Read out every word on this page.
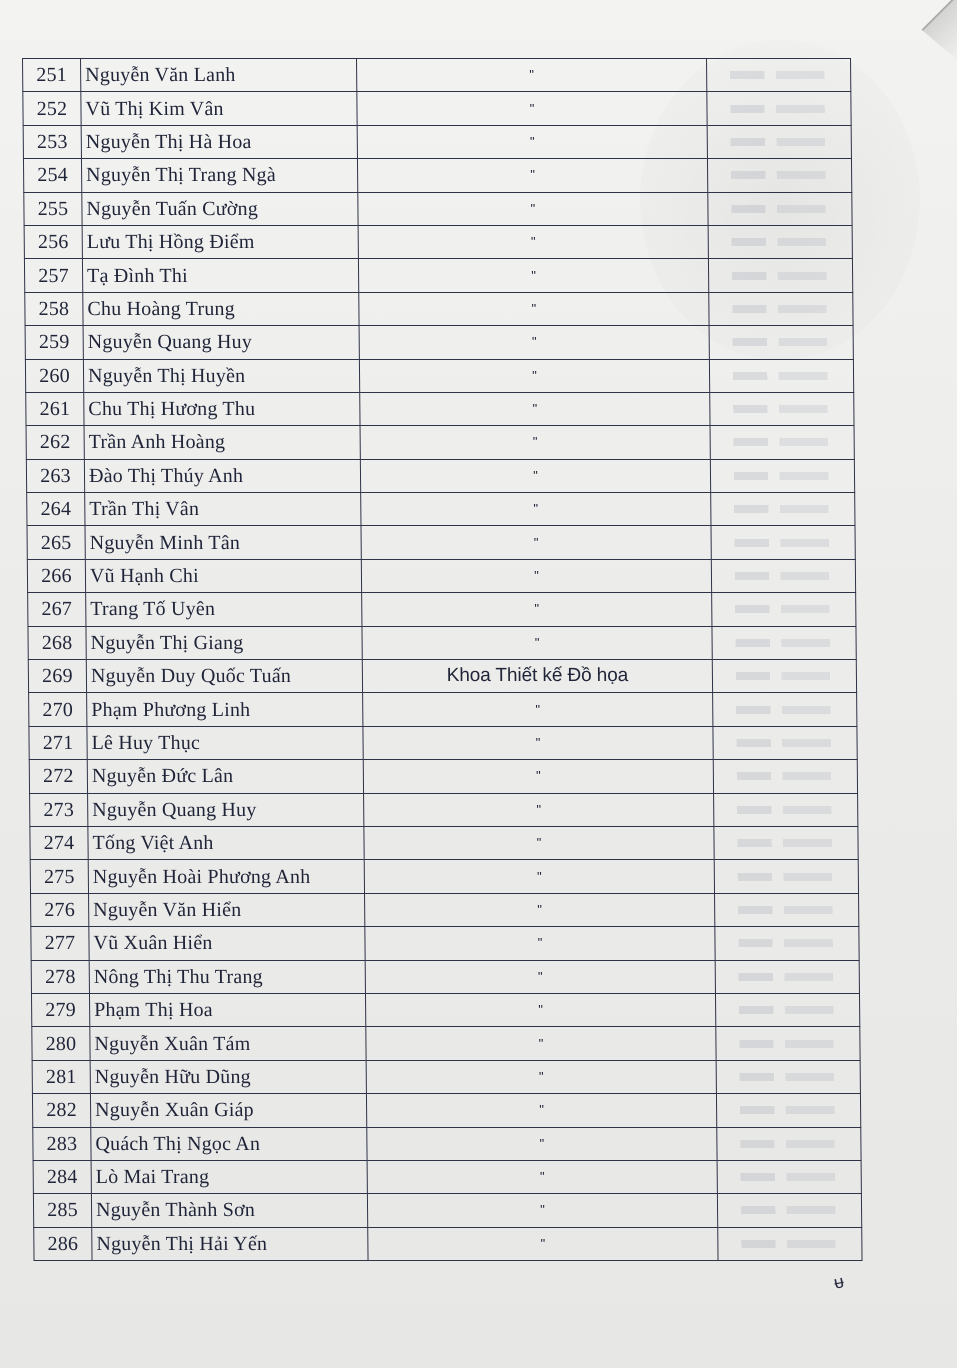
251	Nguyễn Văn Lanh	"	

252	Vũ Thị Kim Vân	"	

253	Nguyễn Thị Hà Hoa	"	

254	Nguyễn Thị Trang Ngà	"	

255	Nguyễn Tuấn Cường	"	

256	Lưu Thị Hồng Điểm	"	

257	Tạ Đình Thi	"	

258	Chu Hoàng Trung	"	

259	Nguyễn Quang Huy	"	

260	Nguyễn Thị Huyền	"	

261	Chu Thị Hương Thu	"	

262	Trần Anh Hoàng	"	

263	Đào Thị Thúy Anh	"	

264	Trần Thị Vân	"	

265	Nguyễn Minh Tân	"	

266	Vũ Hạnh Chi	"	

267	Trang Tố Uyên	"	

268	Nguyễn Thị Giang	"	

269	Nguyễn Duy Quốc Tuấn	Khoa Thiết kế Đồ họa	

270	Phạm Phương Linh	"	

271	Lê Huy Thục	"	

272	Nguyễn Đức Lân	"	

273	Nguyễn Quang Huy	"	

274	Tống Việt Anh	"	

275	Nguyễn Hoài Phương Anh	"	

276	Nguyễn Văn Hiển	"	

277	Vũ Xuân Hiển	"	

278	Nông Thị Thu Trang	"	

279	Phạm Thị Hoa	"	

280	Nguyễn Xuân Tám	"	

281	Nguyễn Hữu Dũng	"	

282	Nguyễn Xuân Giáp	"	

283	Quách Thị Ngọc An	"	

284	Lò Mai Trang	"	

285	Nguyễn Thành Sơn	"	

286	Nguyễn Thị Hải Yến	"	
ᵾ
